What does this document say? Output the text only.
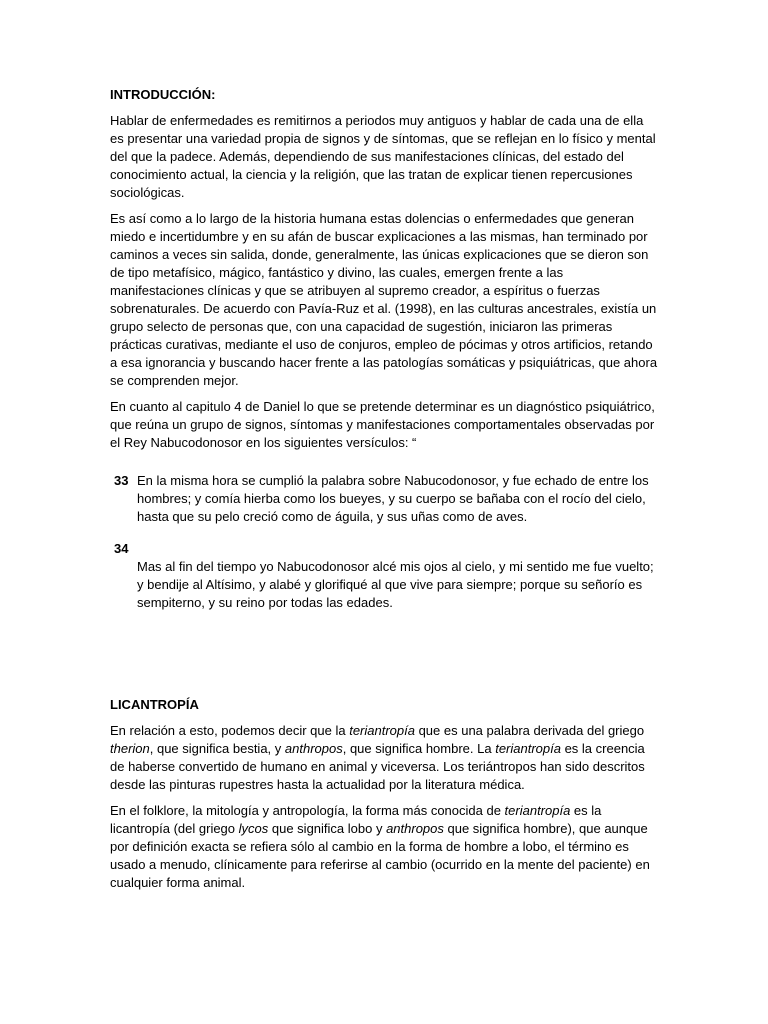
INTRODUCCIÓN:

Hablar de enfermedades es remitirnos a periodos muy antiguos y hablar de cada una de ella es presentar una variedad propia de signos y de síntomas, que se reflejan en lo físico y mental del que la padece. Además, dependiendo de sus manifestaciones clínicas, del estado del conocimiento actual, la ciencia y la religión, que las tratan de explicar tienen repercusiones sociológicas.

Es así como a lo largo de la historia humana estas dolencias o enfermedades que generan miedo e incertidumbre y en su afán de buscar explicaciones a las mismas, han terminado por caminos a veces sin salida, donde, generalmente, las únicas explicaciones que se dieron son de tipo metafísico, mágico, fantástico y divino, las cuales, emergen frente a las manifestaciones clínicas y que se atribuyen al supremo creador, a espíritus o fuerzas sobrenaturales. De acuerdo con Pavía-Ruz et al. (1998), en las culturas ancestrales, existía un grupo selecto de personas que, con una capacidad de sugestión, iniciaron las primeras prácticas curativas, mediante el uso de conjuros, empleo de pócimas y otros artificios, retando a esa ignorancia y buscando hacer frente a las patologías somáticas y psiquiátricas, que ahora se comprenden mejor.

En cuanto al capitulo 4 de Daniel lo que se pretende determinar es un diagnóstico psiquiátrico, que reúna un grupo de signos, síntomas y manifestaciones comportamentales observadas por el Rey Nabucodonosor en los siguientes versículos: “

33 En la misma hora se cumplió la palabra sobre Nabucodonosor, y fue echado de entre los hombres; y comía hierba como los bueyes, y su cuerpo se bañaba con el rocío del cielo, hasta que su pelo creció como de águila, y sus uñas como de aves.
34
Mas al fin del tiempo yo Nabucodonosor alcé mis ojos al cielo, y mi sentido me fue vuelto; y bendije al Altísimo, y alabé y glorifiqué al que vive para siempre; porque su señorío es sempiterno, y su reino por todas las edades.
LICANTROPÍA

En relación a esto, podemos decir que la teriantropía que es una palabra derivada del griego therion, que significa bestia, y anthropos, que significa hombre. La teriantropía es la creencia de haberse convertido de humano en animal y viceversa. Los teriántropos han sido descritos desde las pinturas rupestres hasta la actualidad por la literatura médica.

En el folklore, la mitología y antropología, la forma más conocida de teriantropía es la licantropía (del griego lycos que significa lobo y anthropos que significa hombre), que aunque por definición exacta se refiera sólo al cambio en la forma de hombre a lobo, el término es usado a menudo, clínicamente para referirse al cambio (ocurrido en la mente del paciente) en cualquier forma animal.
